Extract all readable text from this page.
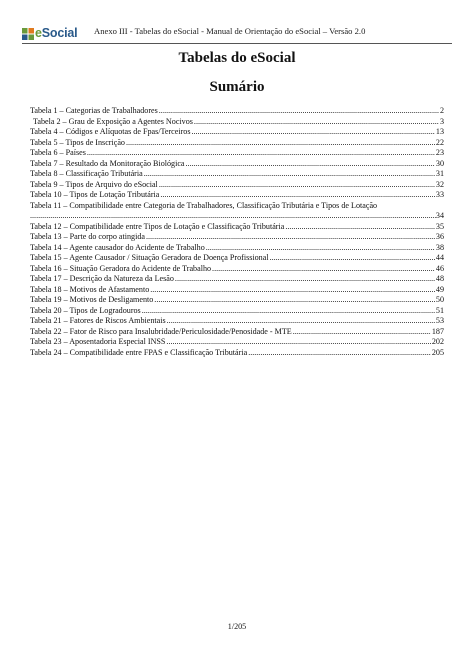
eSocial Anexo III - Tabelas do eSocial - Manual de Orientação do eSocial – Versão 2.0
Tabelas do eSocial
Sumário
Tabela 1 – Categorias de Trabalhadores .....	2
Tabela 2 – Grau de Exposição a Agentes Nocivos .....	3
Tabela 4 – Códigos e Alíquotas de Fpas/Terceiros .....	13
Tabela 5 – Tipos de Inscrição .....	22
Tabela 6 – Países .....	23
Tabela 7 – Resultado da Monitoração Biológica .....	30
Tabela 8 – Classificação Tributária .....	31
Tabela 9 – Tipos de Arquivo do eSocial .....	32
Tabela 10 – Tipos de Lotação Tributária .....	33
Tabela 11 – Compatibilidade entre Categoria de Trabalhadores, Classificação Tributária e Tipos de Lotação
.....
34
Tabela 12 – Compatibilidade entre Tipos de Lotação e Classificação Tributária .....	35
Tabela 13 – Parte do corpo atingida .....	36
Tabela 14 – Agente causador do Acidente de Trabalho .....	38
Tabela 15 – Agente Causador / Situação Geradora de Doença Profissional .....	44
Tabela 16 – Situação Geradora do Acidente de Trabalho .....	46
Tabela 17 – Descrição da Natureza da Lesão .....	48
Tabela 18 – Motivos de Afastamento .....	49
Tabela 19 – Motivos de Desligamento .....	50
Tabela 20 – Tipos de Logradouros .....	51
Tabela 21 – Fatores de Riscos Ambientais .....	53
Tabela 22 – Fator de Risco para Insalubridade/Periculosidade/Penosidade - MTE .....	187
Tabela 23 – Aposentadoria Especial INSS .....	202
Tabela 24 – Compatibilidade entre FPAS e Classificação Tributária .....	205
1/205
